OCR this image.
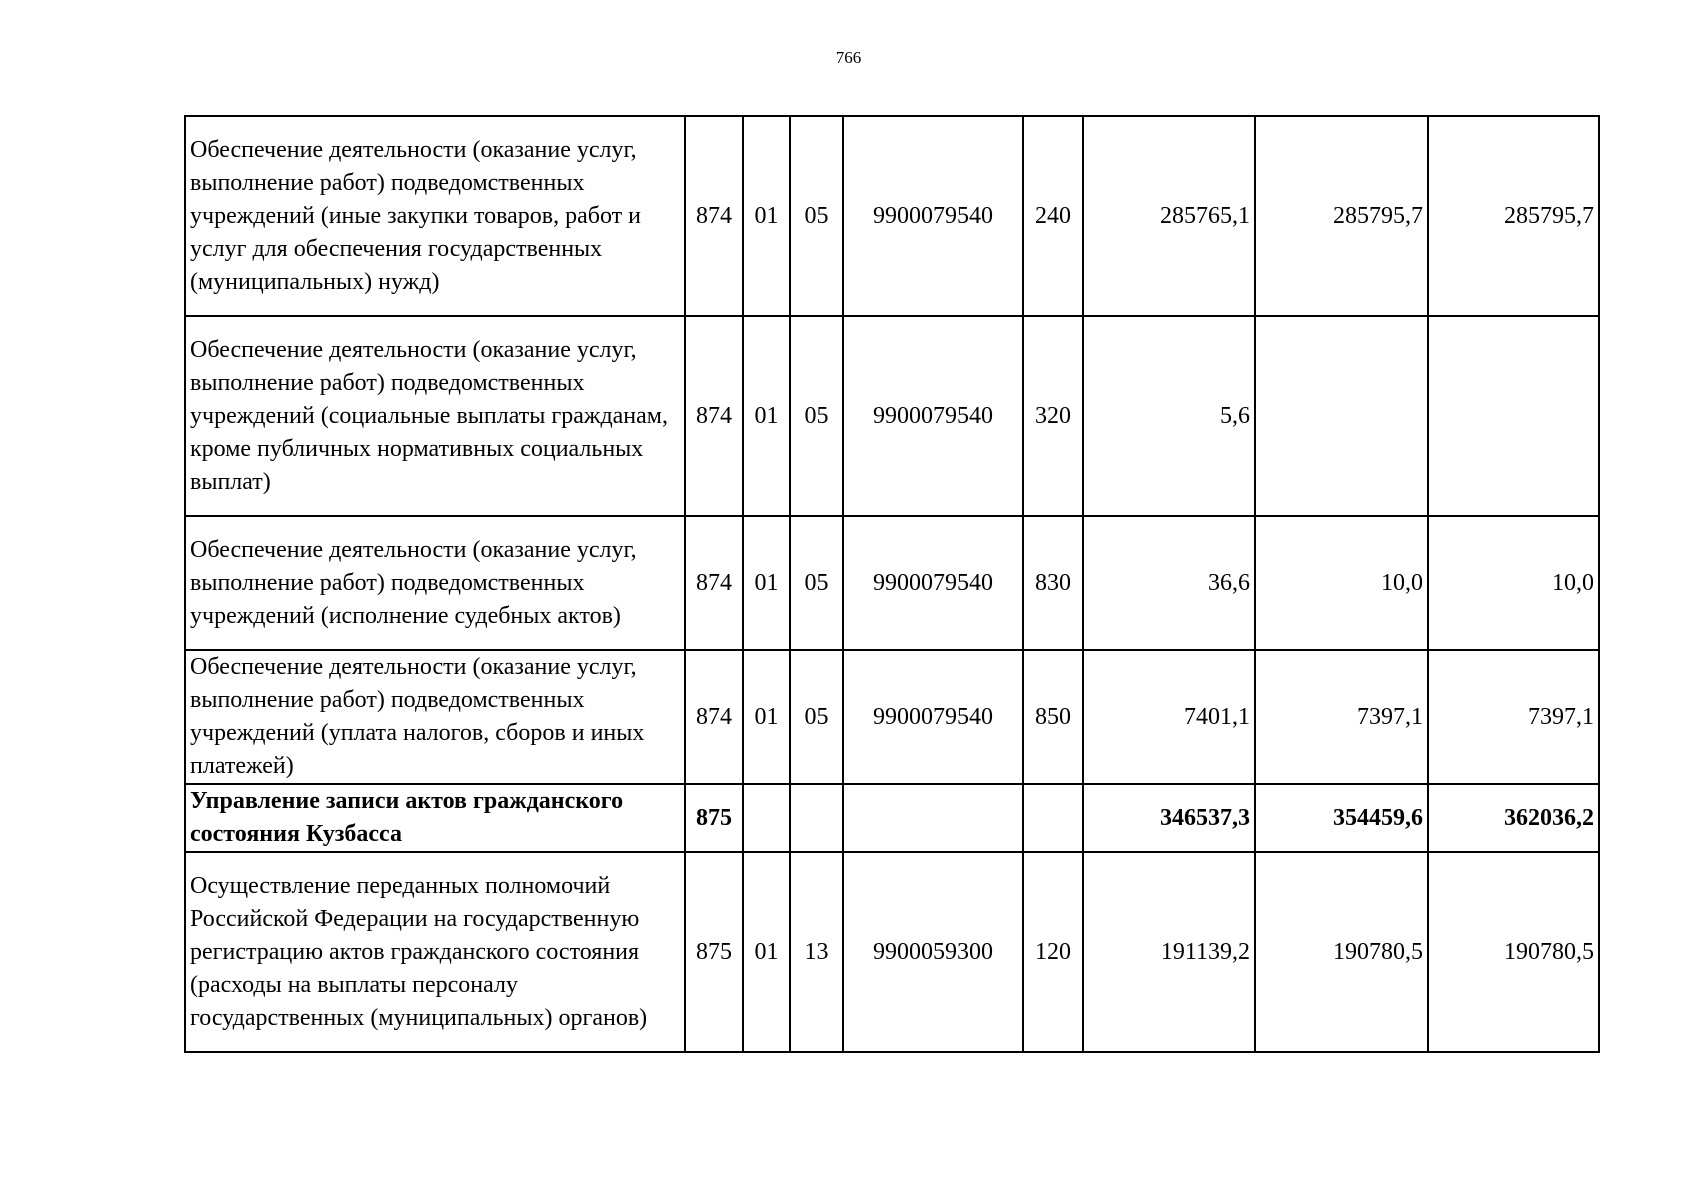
766
Обеспечение деятельности (оказание услуг, выполнение работ) подведомственных учреждений (иные закупки товаров, работ и услуг для обеспечения государственных (муниципальных) нужд)	874	01	05	9900079540	240	285765,1	285795,7	285795,7
Обеспечение деятельности (оказание услуг, выполнение работ) подведомственных учреждений (социальные выплаты гражданам, кроме публичных нормативных социальных выплат)	874	01	05	9900079540	320	5,6		
Обеспечение деятельности (оказание услуг, выполнение работ) подведомственных учреждений (исполнение судебных актов)	874	01	05	9900079540	830	36,6	10,0	10,0
Обеспечение деятельности (оказание услуг, выполнение работ) подведомственных учреждений (уплата налогов, сборов и иных платежей)	874	01	05	9900079540	850	7401,1	7397,1	7397,1
Управление записи актов гражданского состояния Кузбасса	875					346537,3	354459,6	362036,2
Осуществление переданных полномочий Российской Федерации на государственную регистрацию актов гражданского состояния (расходы на выплаты персоналу государственных (муниципальных) органов)	875	01	13	9900059300	120	191139,2	190780,5	190780,5
